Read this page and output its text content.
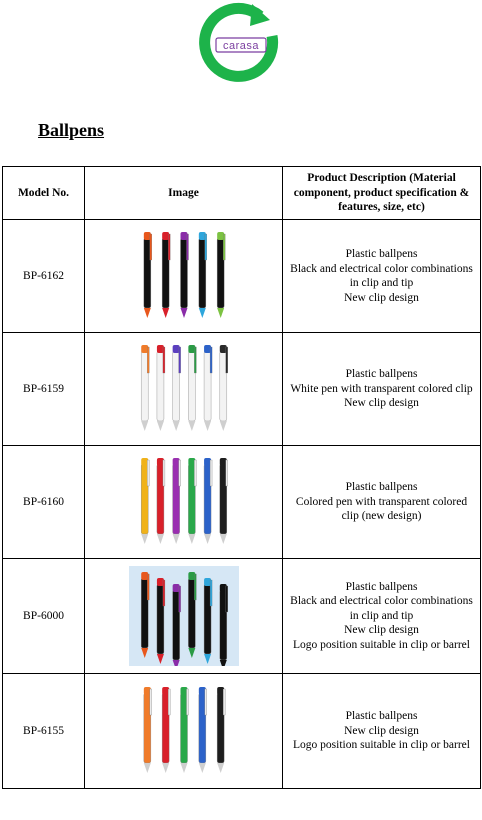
carasa
Ballpens
Model No.	Image	Product Description (Material component, product specification & features, size, etc)
BP-6162		Plastic ballpens
Black and electrical color combinations
in clip and tip
New clip design

BP-6159		Plastic ballpens
White pen with transparent colored clip
New clip design

BP-6160		Plastic ballpens
Colored pen with transparent colored
clip (new design)

BP-6000		Plastic ballpens
Black and electrical color combinations
in clip and tip
New clip design
Logo position suitable in clip or barrel

BP-6155		Plastic ballpens
New clip design
Logo position suitable in clip or barrel
